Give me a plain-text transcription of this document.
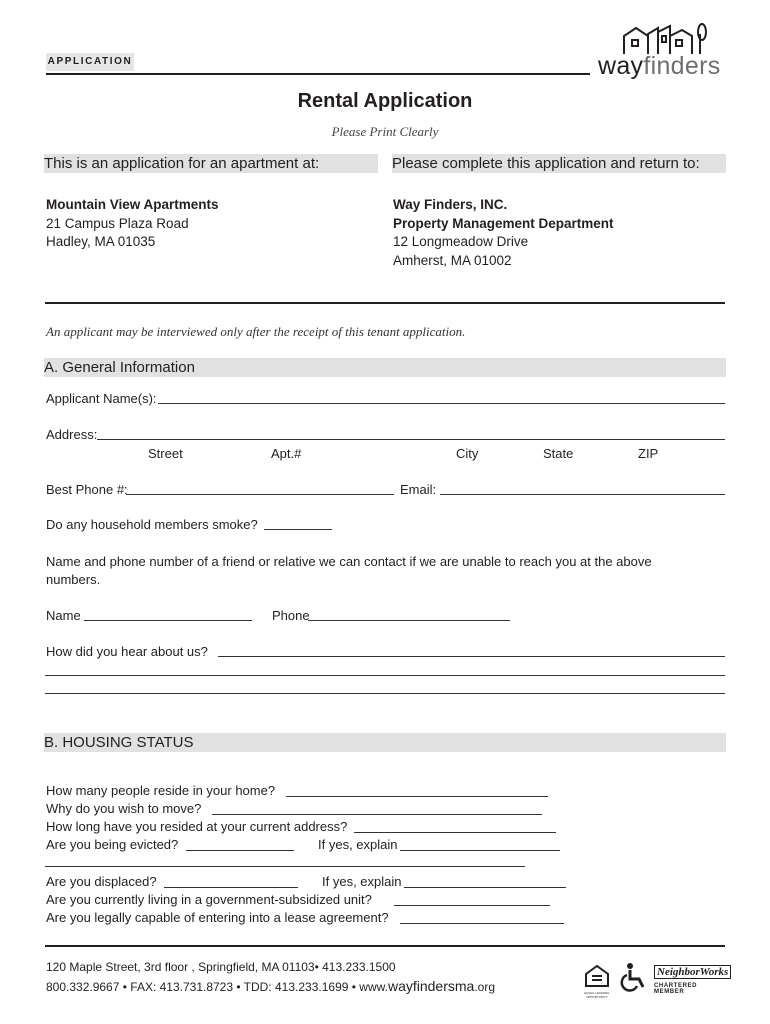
APPLICATION	wayfinders
Rental Application
Please Print Clearly
This is an application for an apartment at:	Please complete this application and return to:
Mountain View Apartments
21 Campus Plaza Road
Hadley, MA 01035
Way Finders, INC.
Property Management Department
12 Longmeadow Drive
Amherst, MA 01002
An applicant may be interviewed only after the receipt of this tenant application.
A. General Information
Applicant Name(s):
Address:
Street	Apt.#	City	State	ZIP
Best Phone #:	Email:
Do any household members smoke?
Name and phone number of a friend or relative we can contact if we are unable to reach you at the above
numbers.
Name	Phone
How did you hear about us?
B. HOUSING STATUS
How many people reside in your home?
Why do you wish to move?
How long have you resided at your current address?
Are you being evicted?	If yes, explain
Are you displaced?	If yes, explain
Are you currently living in a government-subsidized unit?
Are you legally capable of entering into a lease agreement?
120 Maple Street, 3rd floor , Springfield, MA 01103• 413.233.1500
800.332.9667 • FAX: 413.731.8723 • TDD: 413.233.1699 • www.wayfindersma.org	EQUAL HOUSING OPPORTUNITY
NeighborWorks
CHARTERED MEMBER
